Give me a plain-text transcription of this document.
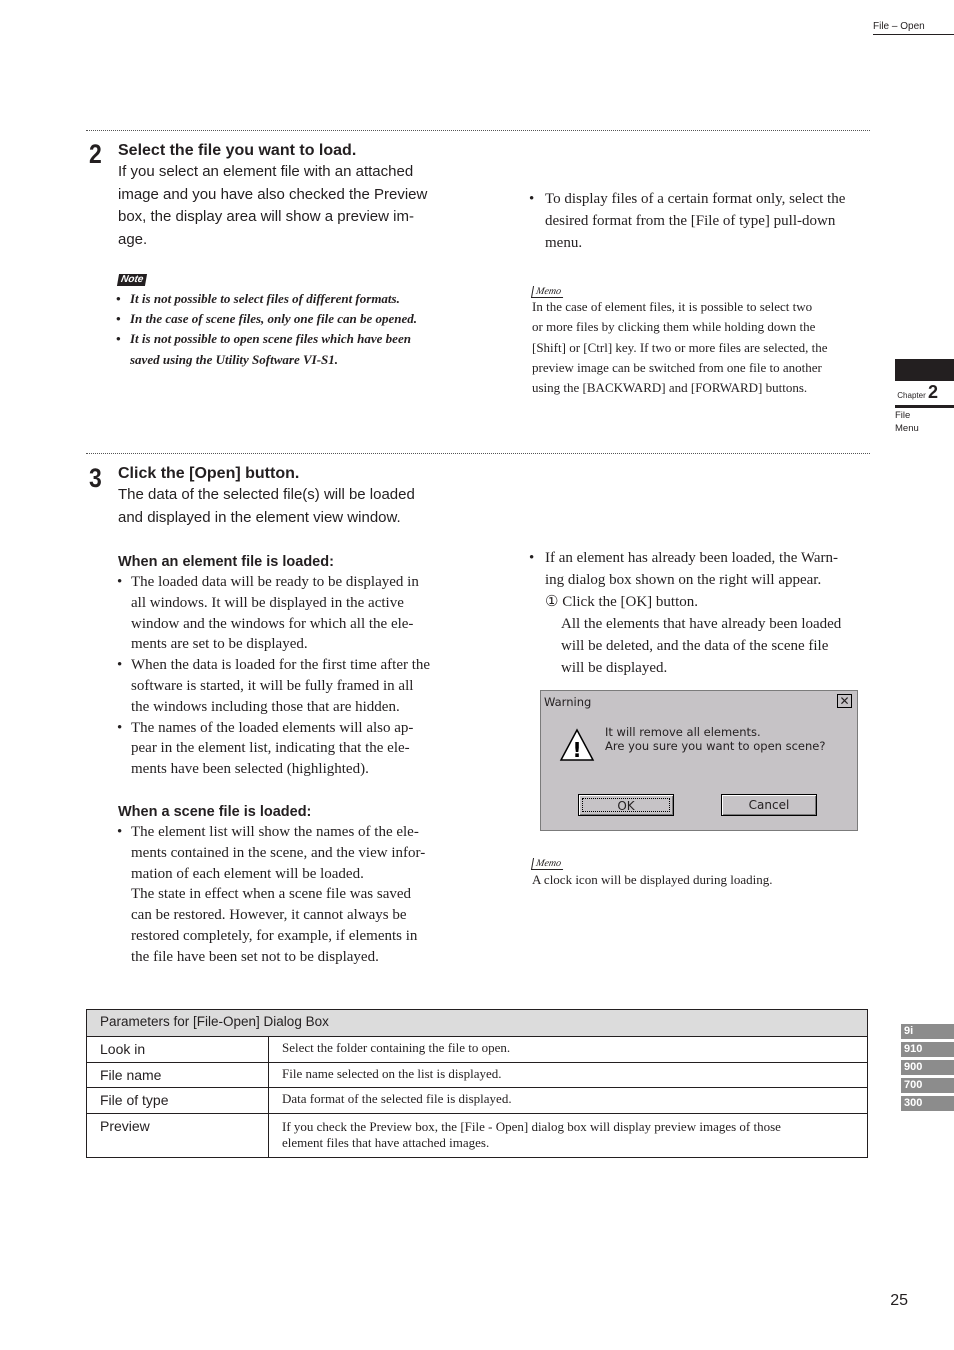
File – Open
Chapter 2
File
Menu
9i
910
900
700
300
2 Select the file you want to load.
If you select an element file with an attached
image and you have also checked the Preview
box, the display area will show a preview im-
age.
Note
• It is not possible to select files of different formats.
• In the case of scene files, only one file can be opened.
• It is not possible to open scene files which have been
saved using the Utility Software VI-S1.
• To display files of a certain format only, select the
desired format from the [File of type] pull-down
menu.
Memo
In the case of element files, it is possible to select two
or more files by clicking them while holding down the
[Shift] or [Ctrl] key. If two or more files are selected, the
preview image can be switched from one file to another
using the [BACKWARD] and [FORWARD] buttons.
3 Click the [Open] button.
The data of the selected file(s) will be loaded
and displayed in the element view window.
When an element file is loaded:
• The loaded data will be ready to be displayed in
all windows. It will be displayed in the active
window and the windows for which all the ele-
ments are set to be displayed.
• When the data is loaded for the first time after the
software is started, it will be fully framed in all
the windows including those that are hidden.
• The names of the loaded elements will also ap-
pear in the element list, indicating that the ele-
ments have been selected (highlighted).
When a scene file is loaded:
• The element list will show the names of the ele-
ments contained in the scene, and the view infor-
mation of each element will be loaded.
The state in effect when a scene file was saved
can be restored. However, it cannot always be
restored completely, for example, if elements in
the file have been set not to be displayed.
• If an element has already been loaded, the Warn-
ing dialog box shown on the right will appear.
① Click the [OK] button.
All the elements that have already been loaded
will be deleted, and the data of the scene file
will be displayed.
Warning	✕
!
It will remove all elements.
Are you sure you want to open scene?
OK	Cancel
Memo
A clock icon will be displayed during loading.
Parameters for [File-Open] Dialog Box	
Look in	Select the folder containing the file to open.

File name	File name selected on the list is displayed.

File of type	Data format of the selected file is displayed.

Preview	If you check the Preview box, the [File - Open] dialog box will display preview images of those
element files that have attached images.
25
